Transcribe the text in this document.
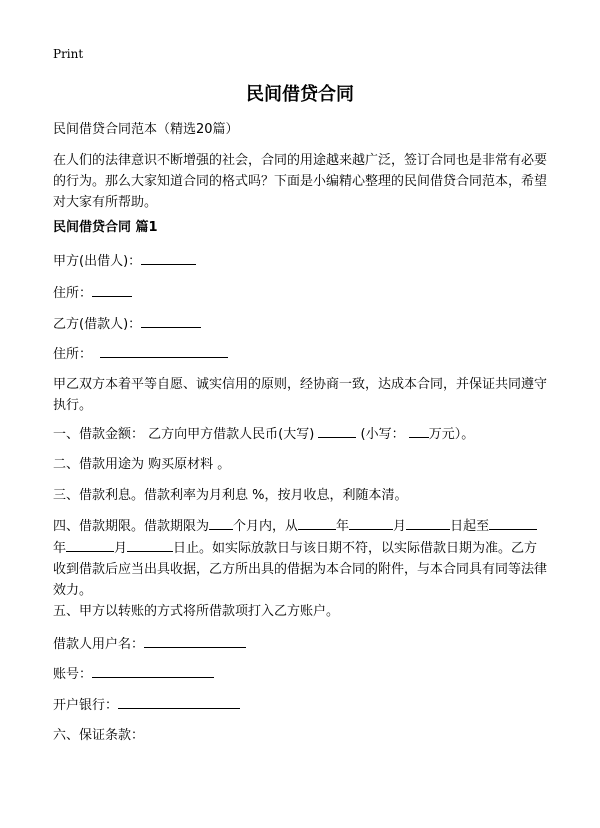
Print
民间借贷合同
民间借贷合同范本（精选20篇）
在人们的法律意识不断增强的社会，合同的用途越来越广泛，签订合同也是非常有必要的行为。那么大家知道合同的格式吗？下面是小编精心整理的民间借贷合同范本，希望对大家有所帮助。
民间借贷合同 篇1
甲方(出借人)：
住所：
乙方(借款人)：
住所：
甲乙双方本着平等自愿、诚实信用的原则，经协商一致，达成本合同，并保证共同遵守执行。
一、借款金额： 乙方向甲方借款人民币(大写)	(小写： 万元）。
二、借款用途为 购买原材料 。
三、借款利息。借款利率为月利息 %，按月收息，利随本清。
四、借款期限。借款期限为 个月内，从	年	月	日起至年	月	日止。如实际放款日与该日期不符，以实际借款日期为准。乙方收到借款后应当出具收据，乙方所出具的借据为本合同的附件，与本合同具有同等法律效力。
五、甲方以转账的方式将所借款项打入乙方账户。
借款人用户名：
账号：
开户银行：
六、保证条款：
